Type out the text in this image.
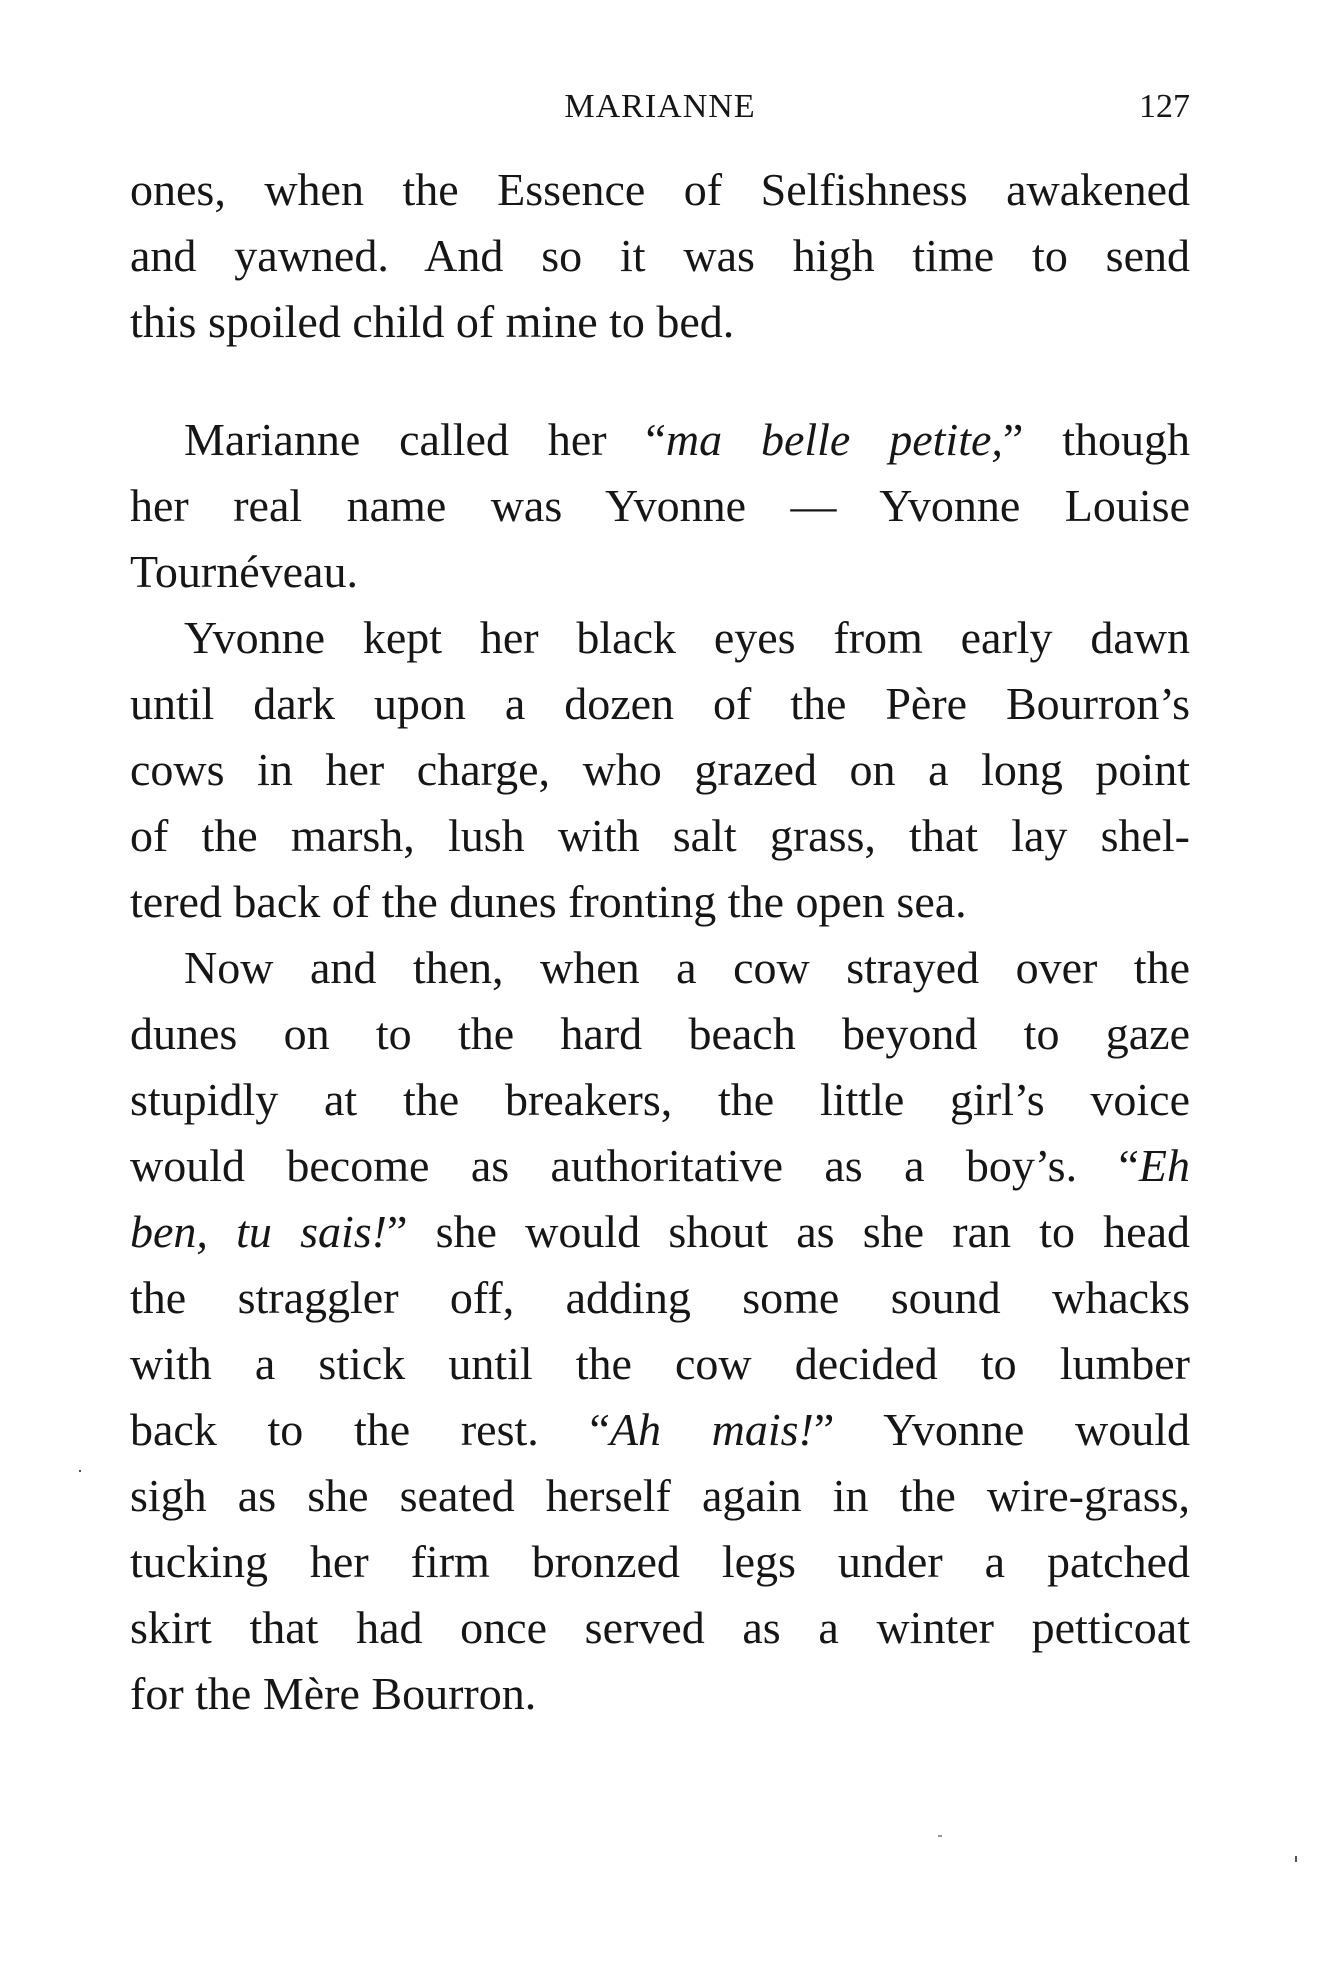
MARIANNE	127
ones, when the Essence of Selfishness awakened
and yawned. And so it was high time to send
this spoiled child of mine to bed.
Marianne called her “ma belle petite,” though
her real name was Yvonne — Yvonne Louise
Tournéveau.
Yvonne kept her black eyes from early dawn
until dark upon a dozen of the Père Bourron’s
cows in her charge, who grazed on a long point
of the marsh, lush with salt grass, that lay shel-
tered back of the dunes fronting the open sea.
Now and then, when a cow strayed over the
dunes on to the hard beach beyond to gaze
stupidly at the breakers, the little girl’s voice
would become as authoritative as a boy’s. “Eh
ben, tu sais!” she would shout as she ran to head
the straggler off, adding some sound whacks
with a stick until the cow decided to lumber
back to the rest. “Ah mais!” Yvonne would
sigh as she seated herself again in the wire-grass,
tucking her firm bronzed legs under a patched
skirt that had once served as a winter petticoat
for the Mère Bourron.
